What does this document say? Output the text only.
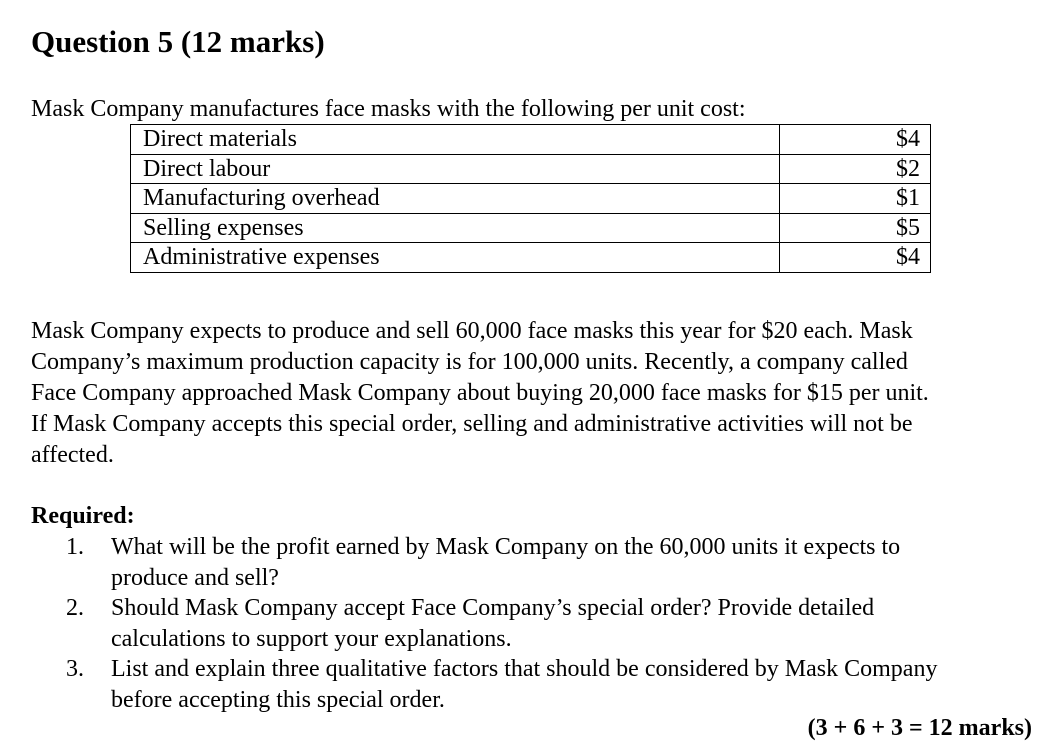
Question 5 (12 marks)
Mask Company manufactures face masks with the following per unit cost:
Direct materials	$4
Direct labour	$2
Manufacturing overhead	$1
Selling expenses	$5
Administrative expenses	$4
Mask Company expects to produce and sell 60,000 face masks this year for $20 each. Mask
Company’s maximum production capacity is for 100,000 units. Recently, a company called
Face Company approached Mask Company about buying 20,000 face masks for $15 per unit.
If Mask Company accepts this special order, selling and administrative activities will not be
affected.
Required:
1.	What will be the profit earned by Mask Company on the 60,000 units it expects to
produce and sell?
2.	Should Mask Company accept Face Company’s special order? Provide detailed
calculations to support your explanations.
3.	List and explain three qualitative factors that should be considered by Mask Company
before accepting this special order.
(3 + 6 + 3 = 12 marks)
